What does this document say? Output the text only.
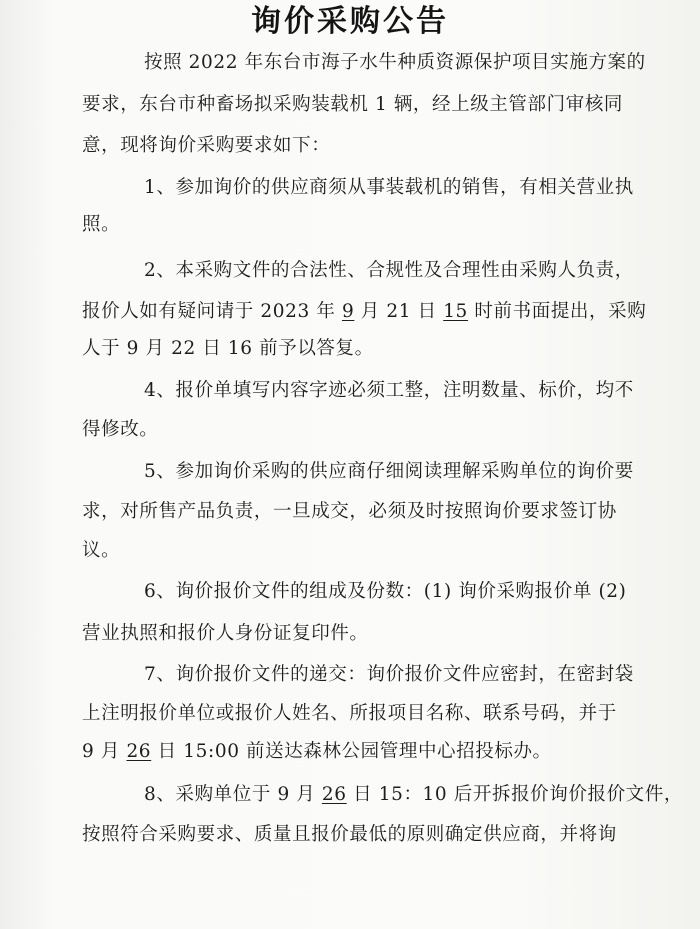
询价采购公告
按照 2022 年东台市海子水牛种质资源保护项目实施方案的
要求，东台市种畜场拟采购装载机 1 辆，经上级主管部门审核同
意，现将询价采购要求如下：
1、参加询价的供应商须从事装载机的销售，有相关营业执
照。
2、本采购文件的合法性、合规性及合理性由采购人负责，
报价人如有疑问请于 2023 年 9 月 21 日 15 时前书面提出，采购
人于 9 月 22 日 16 前予以答复。
4、报价单填写内容字迹必须工整，注明数量、标价，均不
得修改。
5、参加询价采购的供应商仔细阅读理解采购单位的询价要
求，对所售产品负责，一旦成交，必须及时按照询价要求签订协
议。
6、询价报价文件的组成及份数：(1) 询价采购报价单 (2)
营业执照和报价人身份证复印件。
7、询价报价文件的递交：询价报价文件应密封，在密封袋
上注明报价单位或报价人姓名、所报项目名称、联系号码，并于
9 月 26 日 15:00 前送达森林公园管理中心招投标办。
8、采购单位于 9 月 26 日 15：10 后开拆报价询价报价文件，
按照符合采购要求、质量且报价最低的原则确定供应商，并将询
